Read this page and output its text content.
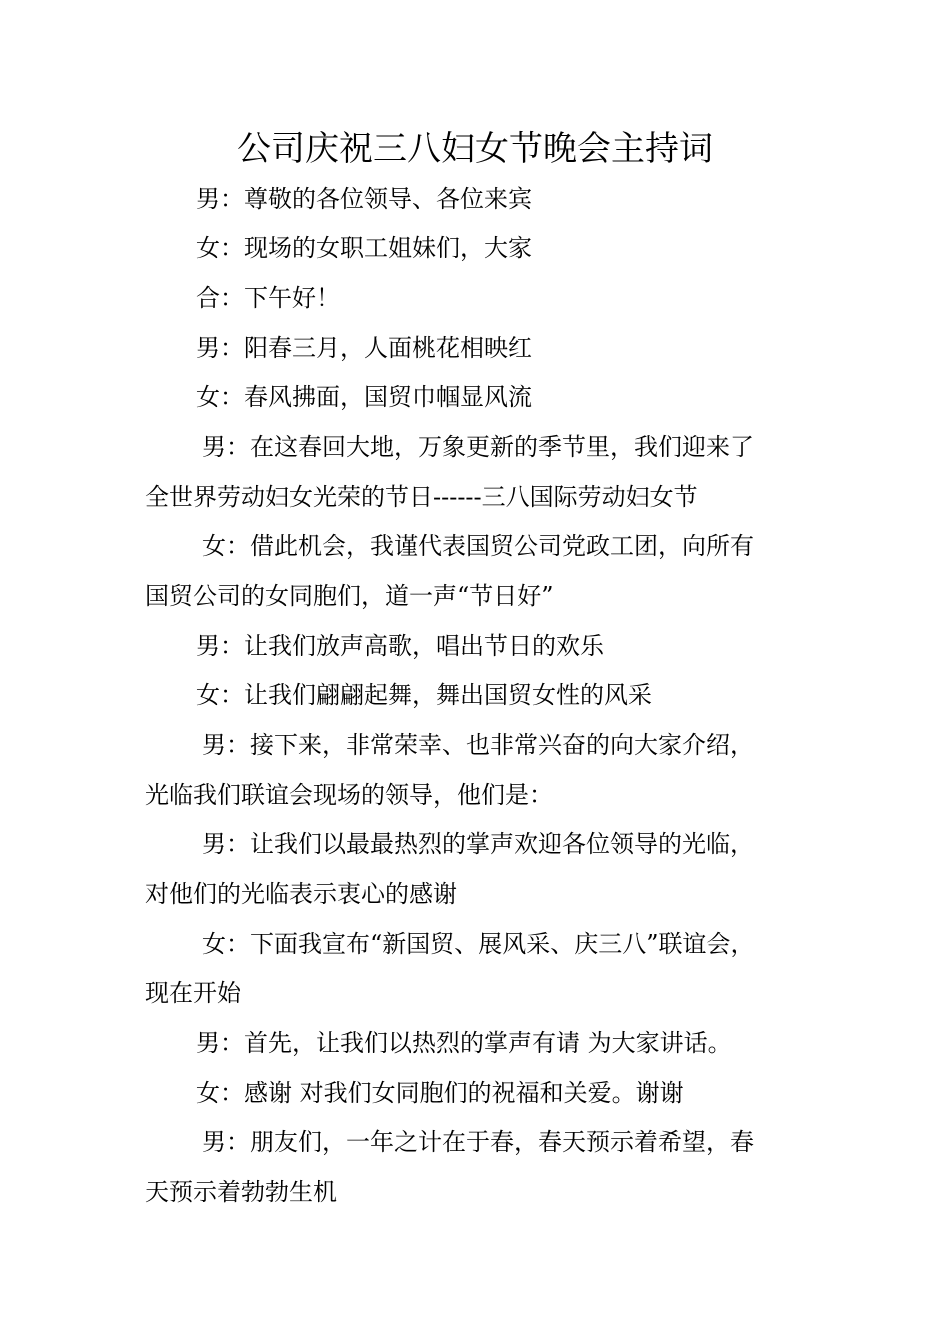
公司庆祝三八妇女节晚会主持词
男：尊敬的各位领导、各位来宾
女：现场的女职工姐妹们，大家
合：下午好！
男：阳春三月，人面桃花相映红
女：春风拂面，国贸巾帼显风流
男：在这春回大地，万象更新的季节里，我们迎来了
全世界劳动妇女光荣的节日------三八国际劳动妇女节
女：借此机会，我谨代表国贸公司党政工团，向所有
国贸公司的女同胞们，道一声“节日好”
男：让我们放声高歌，唱出节日的欢乐
女：让我们翩翩起舞，舞出国贸女性的风采
男：接下来，非常荣幸、也非常兴奋的向大家介绍，
光临我们联谊会现场的领导，他们是：
男：让我们以最最热烈的掌声欢迎各位领导的光临，
对他们的光临表示衷心的感谢
女：下面我宣布“新国贸、展风采、庆三八”联谊会，
现在开始
男：首先，让我们以热烈的掌声有请 为大家讲话。
女：感谢 对我们女同胞们的祝福和关爱。谢谢
男：朋友们，一年之计在于春，春天预示着希望，春
天预示着勃勃生机
